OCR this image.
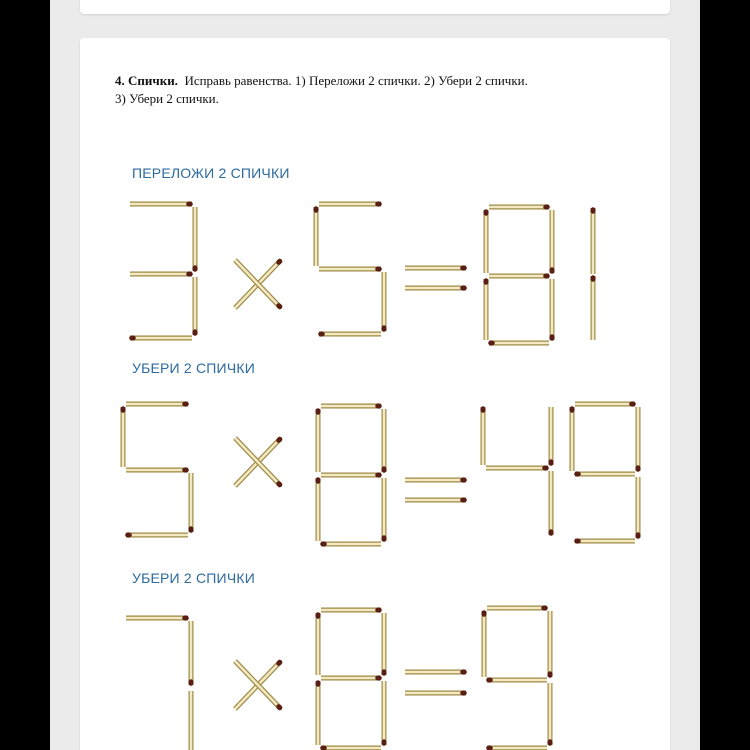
4. Спички. Исправь равенства. 1) Переложи 2 спички. 2) Убери 2 спички.
3) Убери 2 спички.
ПЕРЕЛОЖИ 2 СПИЧКИ
УБЕРИ 2 СПИЧКИ
УБЕРИ 2 СПИЧКИ
